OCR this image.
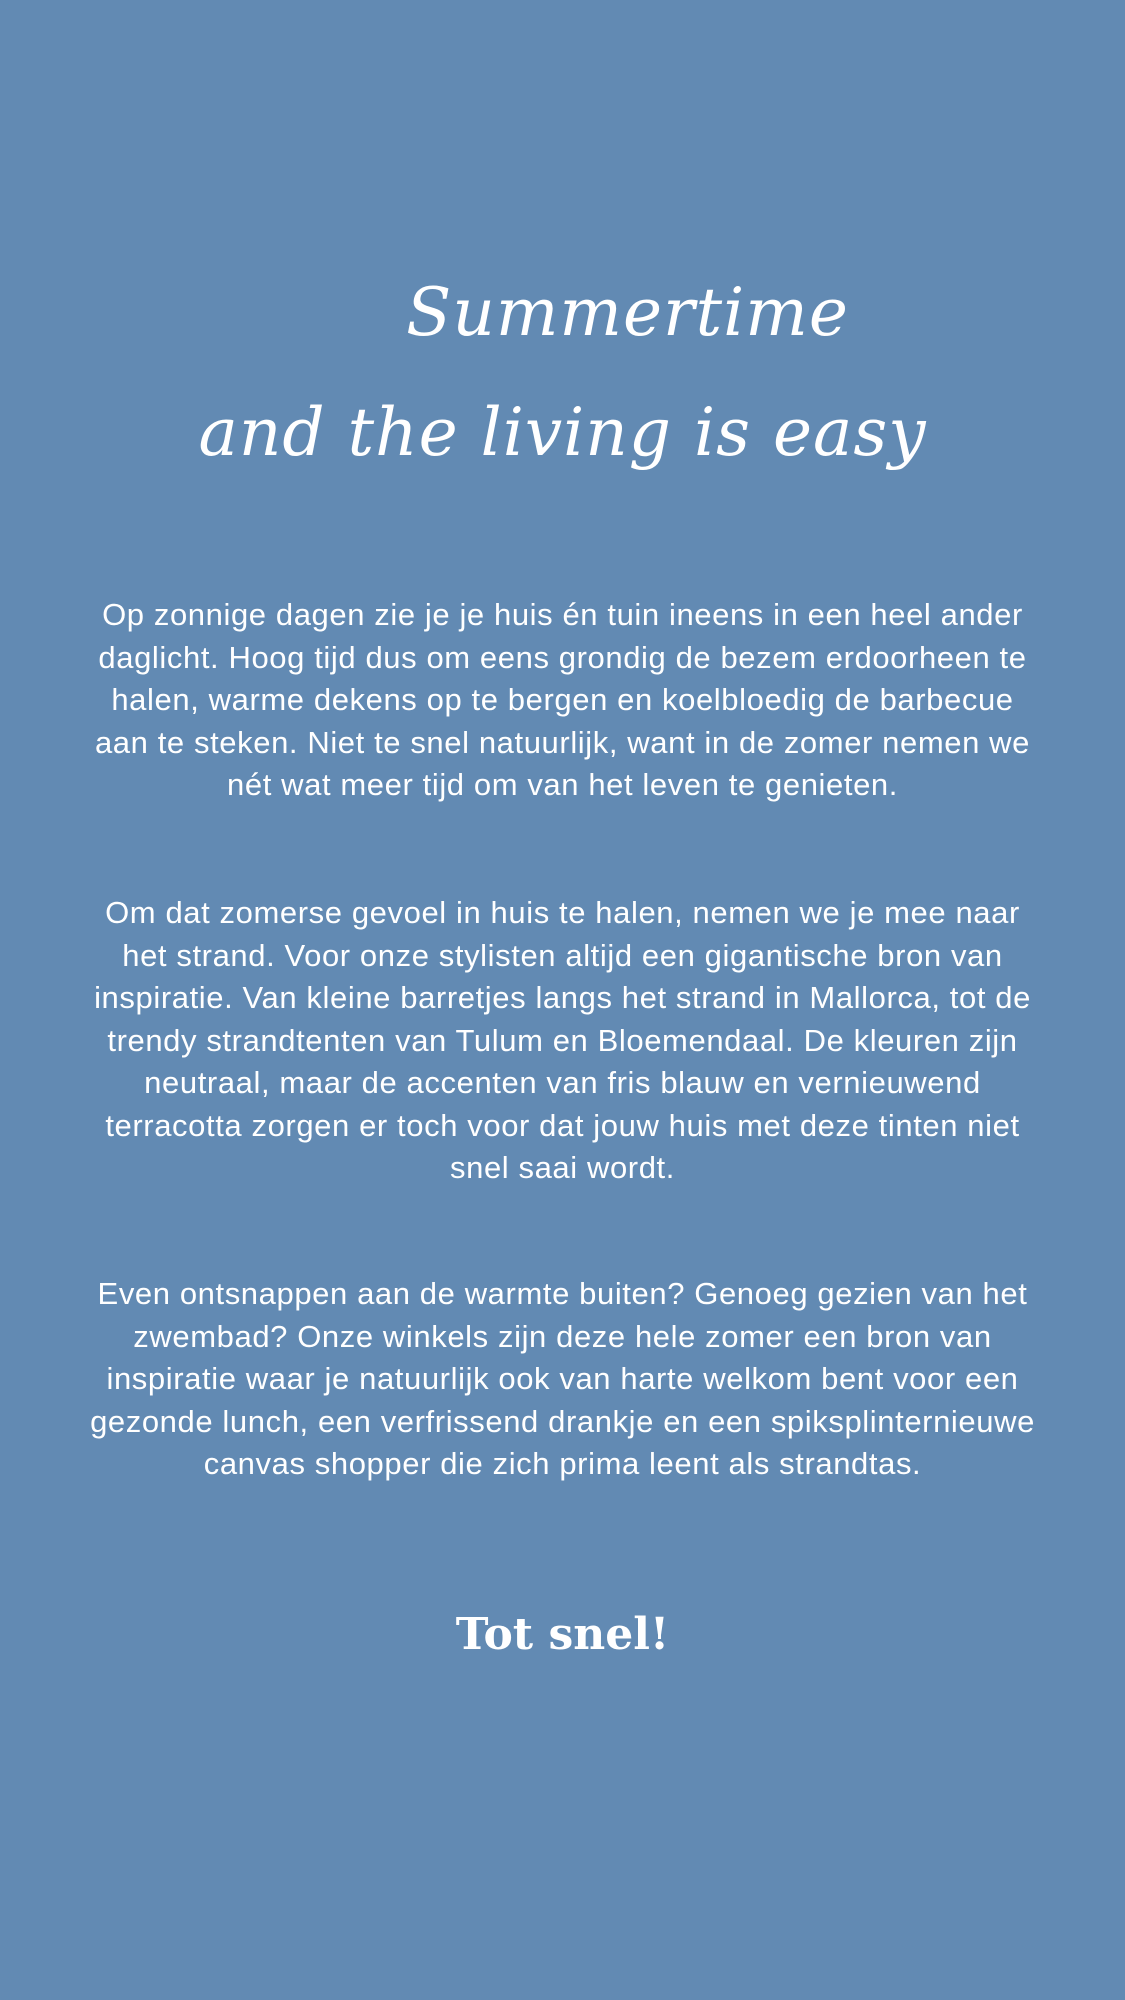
Summertime
and the living is easy

Op zonnige dagen zie je je huis én tuin ineens in een heel ander daglicht. Hoog tijd dus om eens grondig de bezem erdoorheen te halen, warme dekens op te bergen en koelbloedig de barbecue aan te steken. Niet te snel natuurlijk, want in de zomer nemen we nét wat meer tijd om van het leven te genieten.

Om dat zomerse gevoel in huis te halen, nemen we je mee naar het strand. Voor onze stylisten altijd een gigantische bron van inspiratie. Van kleine barretjes langs het strand in Mallorca, tot de trendy strandtenten van Tulum en Bloemendaal. De kleuren zijn neutraal, maar de accenten van fris blauw en vernieuwend terracotta zorgen er toch voor dat jouw huis met deze tinten niet snel saai wordt.

Even ontsnappen aan de warmte buiten? Genoeg gezien van het zwembad? Onze winkels zijn deze hele zomer een bron van inspiratie waar je natuurlijk ook van harte welkom bent voor een gezonde lunch, een verfrissend drankje en een spiksplinternieuwe canvas shopper die zich prima leent als strandtas.

Tot snel!
